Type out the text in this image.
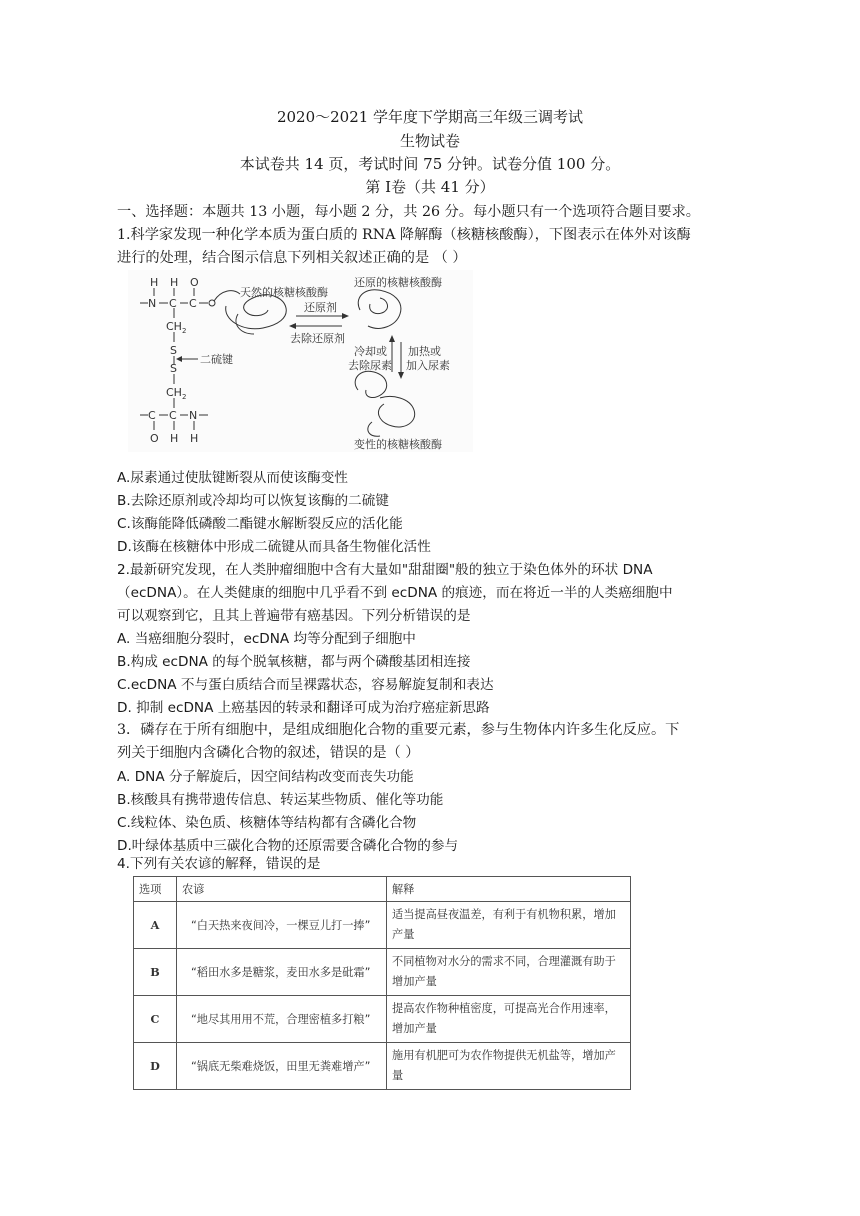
2020～2021 学年度下学期高三年级三调考试
生物试卷
本试卷共 14 页，考试时间 75 分钟。试卷分值 100 分。
第 Ⅰ卷（共 41 分）
一、选择题：本题共 13 小题，每小题 2 分，共 26 分。每小题只有一个选项符合题目要求。
1.科学家发现一种化学本质为蛋白质的 RNA 降解酶（核糖核酸酶），下图表示在体外对该酶
进行的处理，结合图示信息下列相关叙述正确的是 （ ）
H H O
N C C
$CH_2$
S
S
$CH_2$
C C N
O H H
二硫键
天然的核糖核酸酶
还原的核糖核酸酶
还原剂
去除还原剂
冷却或
去除尿素
加热或
加入尿素
变性的核糖核酸酶
A.尿素通过使肽键断裂从而使该酶变性
B.去除还原剂或冷却均可以恢复该酶的二硫键
C.该酶能降低磷酸二酯键水解断裂反应的活化能
D.该酶在核糖体中形成二硫键从而具备生物催化活性
2.最新研究发现，在人类肿瘤细胞中含有大量如"甜甜圈"般的独立于染色体外的环状 DNA
（ecDNA）。在人类健康的细胞中几乎看不到 ecDNA 的痕迹，而在将近一半的人类癌细胞中
可以观察到它，且其上普遍带有癌基因。下列分析错误的是
A. 当癌细胞分裂时，ecDNA 均等分配到子细胞中
B.构成 ecDNA 的每个脱氧核糖，都与两个磷酸基团相连接
C.ecDNA 不与蛋白质结合而呈裸露状态，容易解旋复制和表达
D. 抑制 ecDNA 上癌基因的转录和翻译可成为治疗癌症新思路
3．磷存在于所有细胞中，是组成细胞化合物的重要元素，参与生物体内许多生化反应。下
列关于细胞内含磷化合物的叙述，错误的是（ ）
A. DNA 分子解旋后，因空间结构改变而丧失功能
B.核酸具有携带遗传信息、转运某些物质、催化等功能
C.线粒体、染色质、核糖体等结构都有含磷化合物
D.叶绿体基质中三碳化合物的还原需要含磷化合物的参与
4.下列有关农谚的解释，错误的是
选项	农谚	解释
A	“白天热来夜间冷，一棵豆儿打一捧”	适当提高昼夜温差，有利于有机物积累，增加产量
B	“稻田水多是糖浆，麦田水多是砒霜”	不同植物对水分的需求不同，合理灌溉有助于增加产量
C	“地尽其用用不荒，合理密植多打粮”	提高农作物种植密度，可提高光合作用速率，增加产量
D	“锅底无柴难烧饭，田里无粪难增产”	施用有机肥可为农作物提供无机盐等，增加产量
